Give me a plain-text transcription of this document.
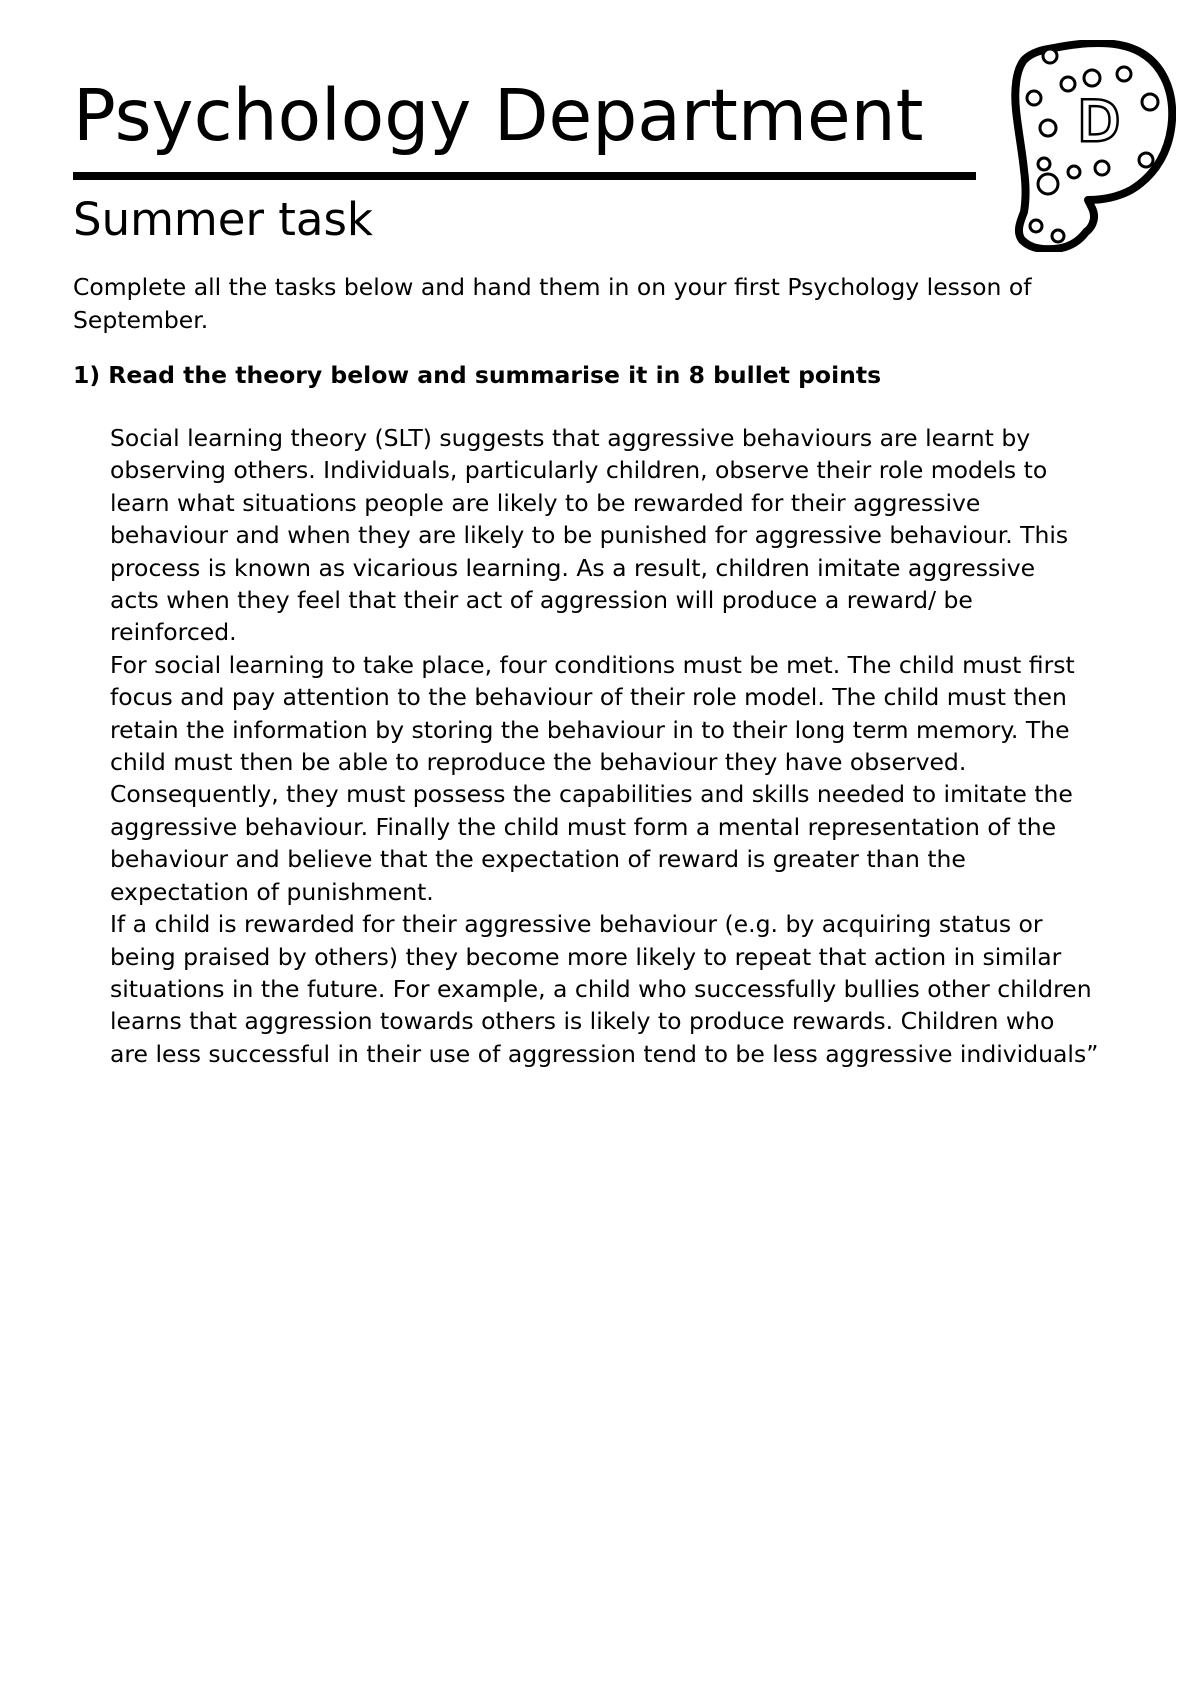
Psychology Department
Summer task
D

Complete all the tasks below and hand them in on your first Psychology lesson of
September.

1) Read the theory below and summarise it in 8 bullet points

Social learning theory (SLT) suggests that aggressive behaviours are learnt by
observing others. Individuals, particularly children, observe their role models to
learn what situations people are likely to be rewarded for their aggressive
behaviour and when they are likely to be punished for aggressive behaviour. This
process is known as vicarious learning. As a result, children imitate aggressive
acts when they feel that their act of aggression will produce a reward/ be
reinforced.

For social learning to take place, four conditions must be met. The child must first
focus and pay attention to the behaviour of their role model. The child must then
retain the information by storing the behaviour in to their long term memory. The
child must then be able to reproduce the behaviour they have observed.
Consequently, they must possess the capabilities and skills needed to imitate the
aggressive behaviour. Finally the child must form a mental representation of the
behaviour and believe that the expectation of reward is greater than the
expectation of punishment.

If a child is rewarded for their aggressive behaviour (e.g. by acquiring status or
being praised by others) they become more likely to repeat that action in similar
situations in the future. For example, a child who successfully bullies other children
learns that aggression towards others is likely to produce rewards. Children who
are less successful in their use of aggression tend to be less aggressive individuals”
